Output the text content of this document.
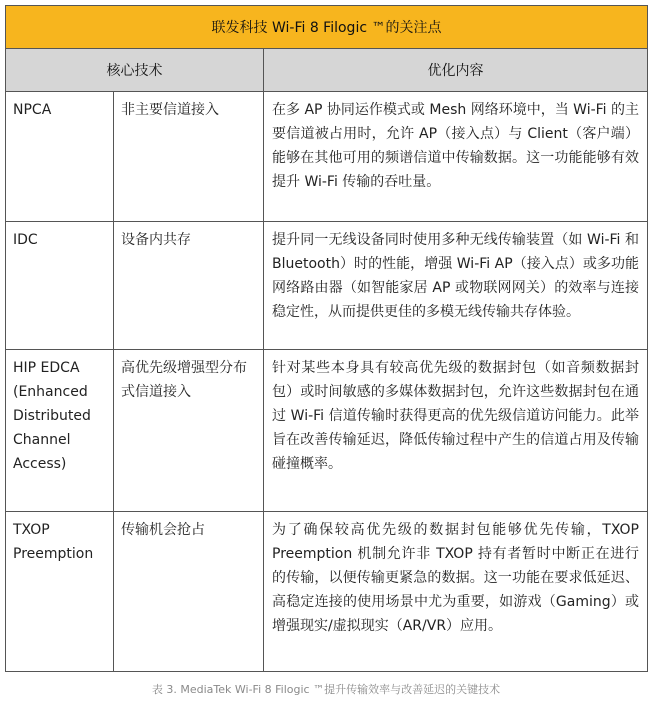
联发科技 Wi-Fi 8 Filogic ™的关注点		
核心技术		优化内容
NPCA	非主要信道接入	在多 AP 协同运作模式或 Mesh 网络环境中，当 Wi-Fi 的主要信道被占用时，允许 AP（接入点）与 Client（客户端）能够在其他可用的频谱信道中传输数据。这一功能能够有效提升 Wi-Fi 传输的吞吐量。
IDC	设备内共存	提升同一无线设备同时使用多种无线传输装置（如 Wi-Fi 和 Bluetooth）时的性能，增强 Wi-Fi AP（接入点）或多功能网络路由器（如智能家居 AP 或物联网网关）的效率与连接稳定性，从而提供更佳的多模无线传输共存体验。
HIP EDCA (Enhanced Distributed Channel Access)	高优先级增强型分布式信道接入	针对某些本身具有较高优先级的数据封包（如音频数据封包）或时间敏感的多媒体数据封包，允许这些数据封包在通过 Wi-Fi 信道传输时获得更高的优先级信道访问能力。此举旨在改善传输延迟，降低传输过程中产生的信道占用及传输碰撞概率。
TXOP Preemption	传输机会抢占	为了确保较高优先级的数据封包能够优先传输，TXOP Preemption 机制允许非 TXOP 持有者暂时中断正在进行的传输，以便传输更紧急的数据。这一功能在要求低延迟、高稳定连接的使用场景中尤为重要，如游戏（Gaming）或增强现实/虚拟现实（AR/VR）应用。
表 3. MediaTek Wi-Fi 8 Filogic ™提升传输效率与改善延迟的关键技术
